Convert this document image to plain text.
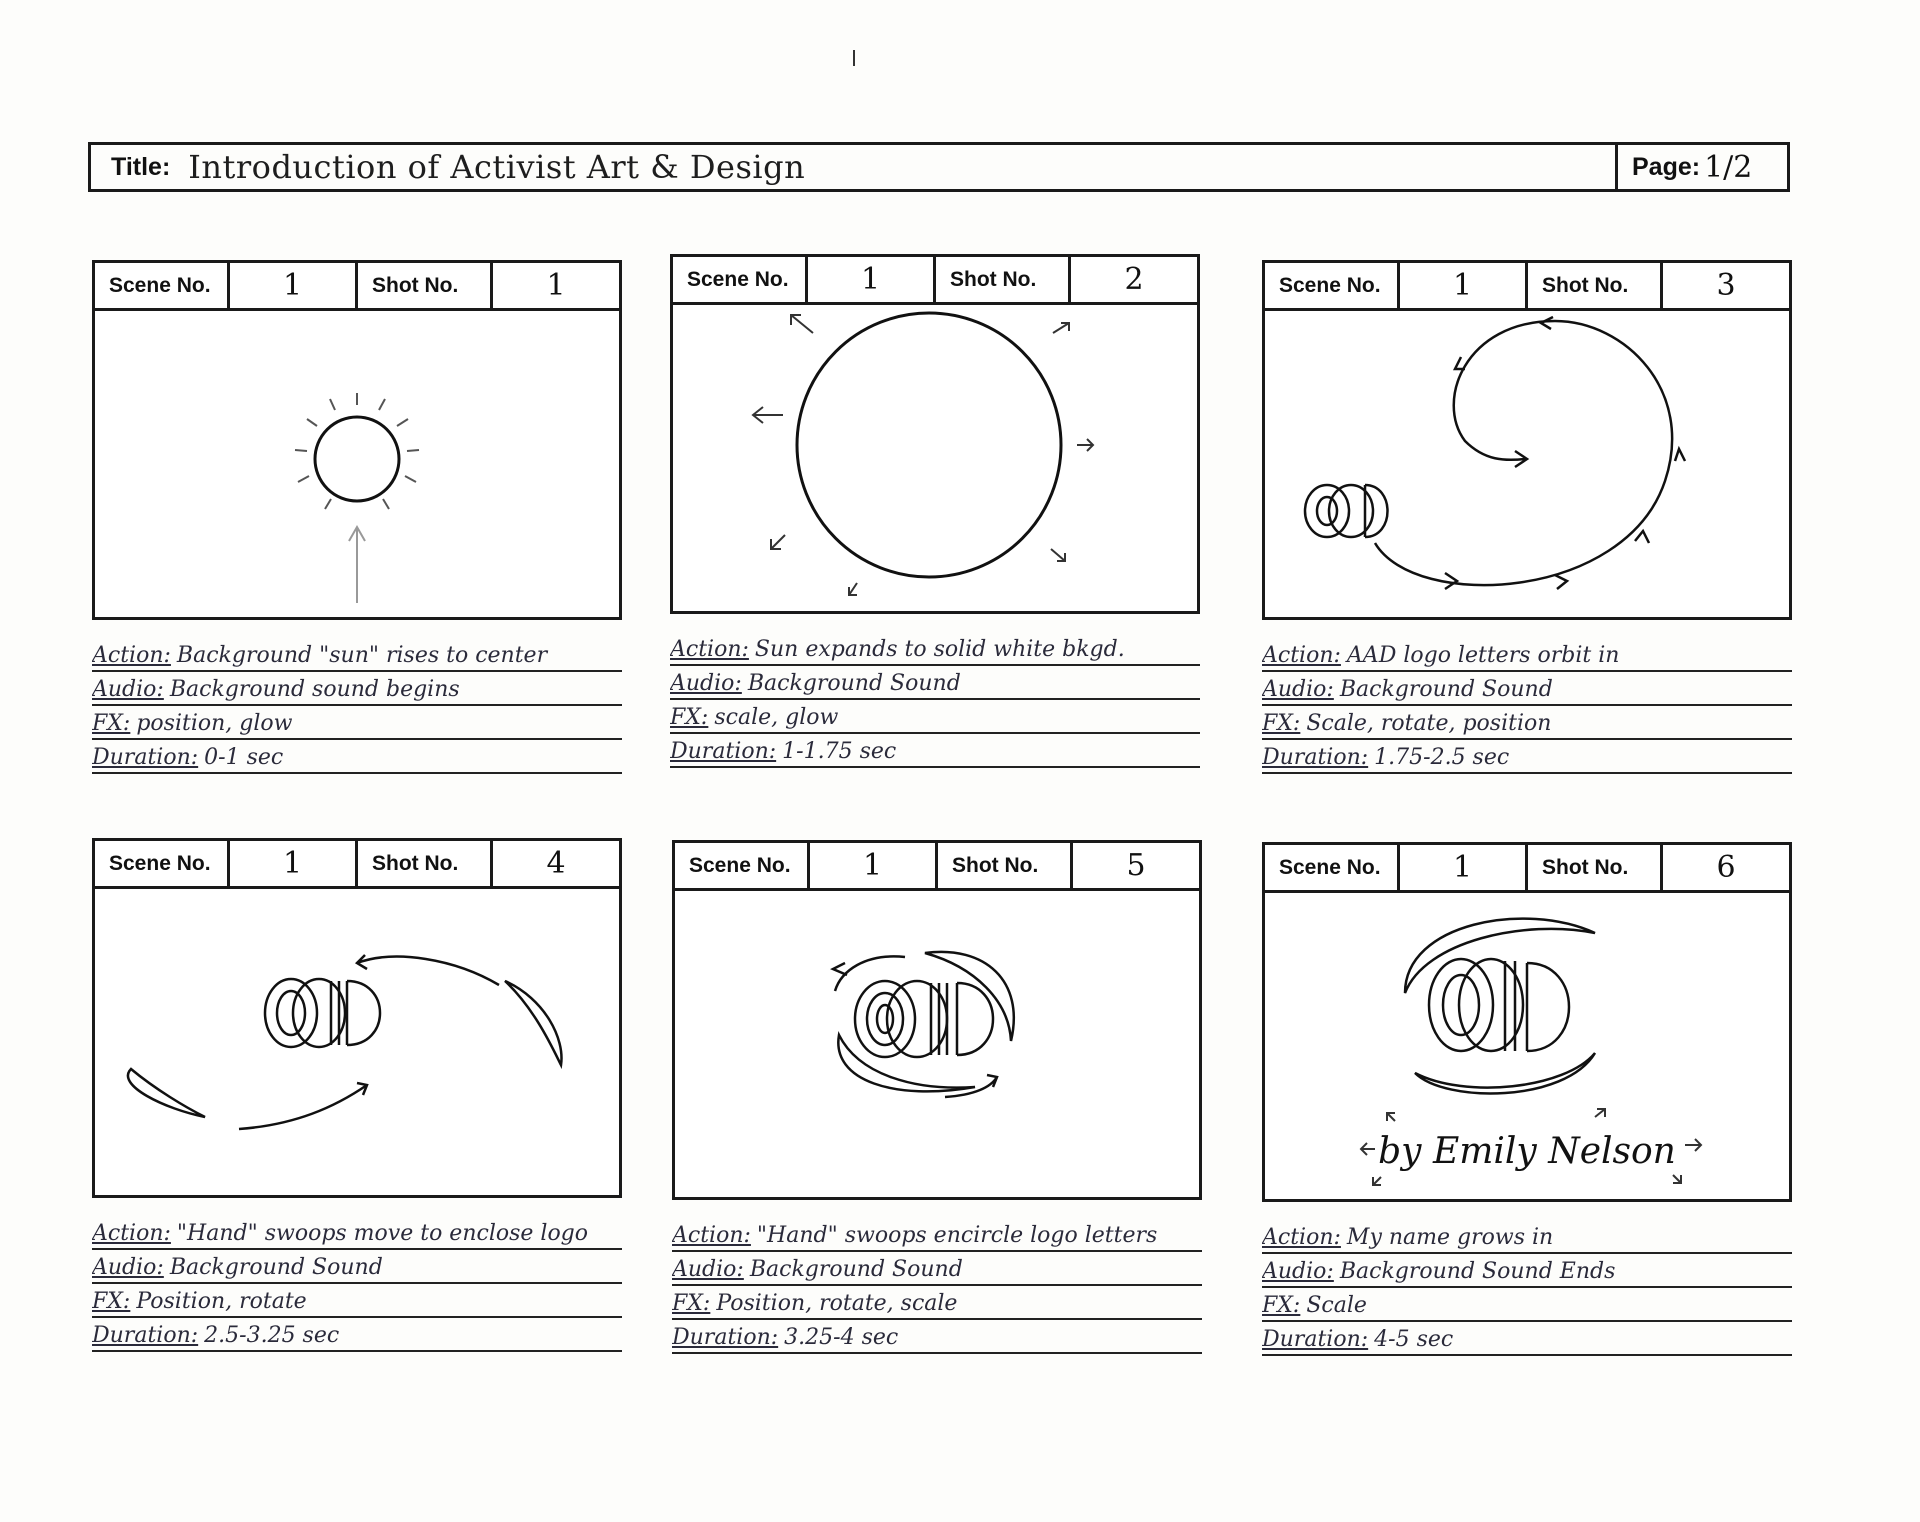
Title: Introduction of Activist Art & Design	Page: 1/2
Scene No.	1	Shot No.	1
Action: Background "sun" rises to center
Audio: Background sound begins
FX: position, glow
Duration: 0-1 sec
Scene No.	1	Shot No.	2
Action: Sun expands to solid white bkgd.
Audio: Background Sound
FX: scale, glow
Duration: 1-1.75 sec
Scene No.	1	Shot No.	3
Action: AAD logo letters orbit in
Audio: Background Sound
FX: Scale, rotate, position
Duration: 1.75-2.5 sec
Scene No.	1	Shot No.	4
Action: "Hand" swoops move to enclose logo
Audio: Background Sound
FX: Position, rotate
Duration: 2.5-3.25 sec
Scene No.	1	Shot No.	5
Action: "Hand" swoops encircle logo letters
Audio: Background Sound
FX: Position, rotate, scale
Duration: 3.25-4 sec
Scene No.	1	Shot No.	6
by Emily Nelson
Action: My name grows in
Audio: Background Sound Ends
FX: Scale
Duration: 4-5 sec
